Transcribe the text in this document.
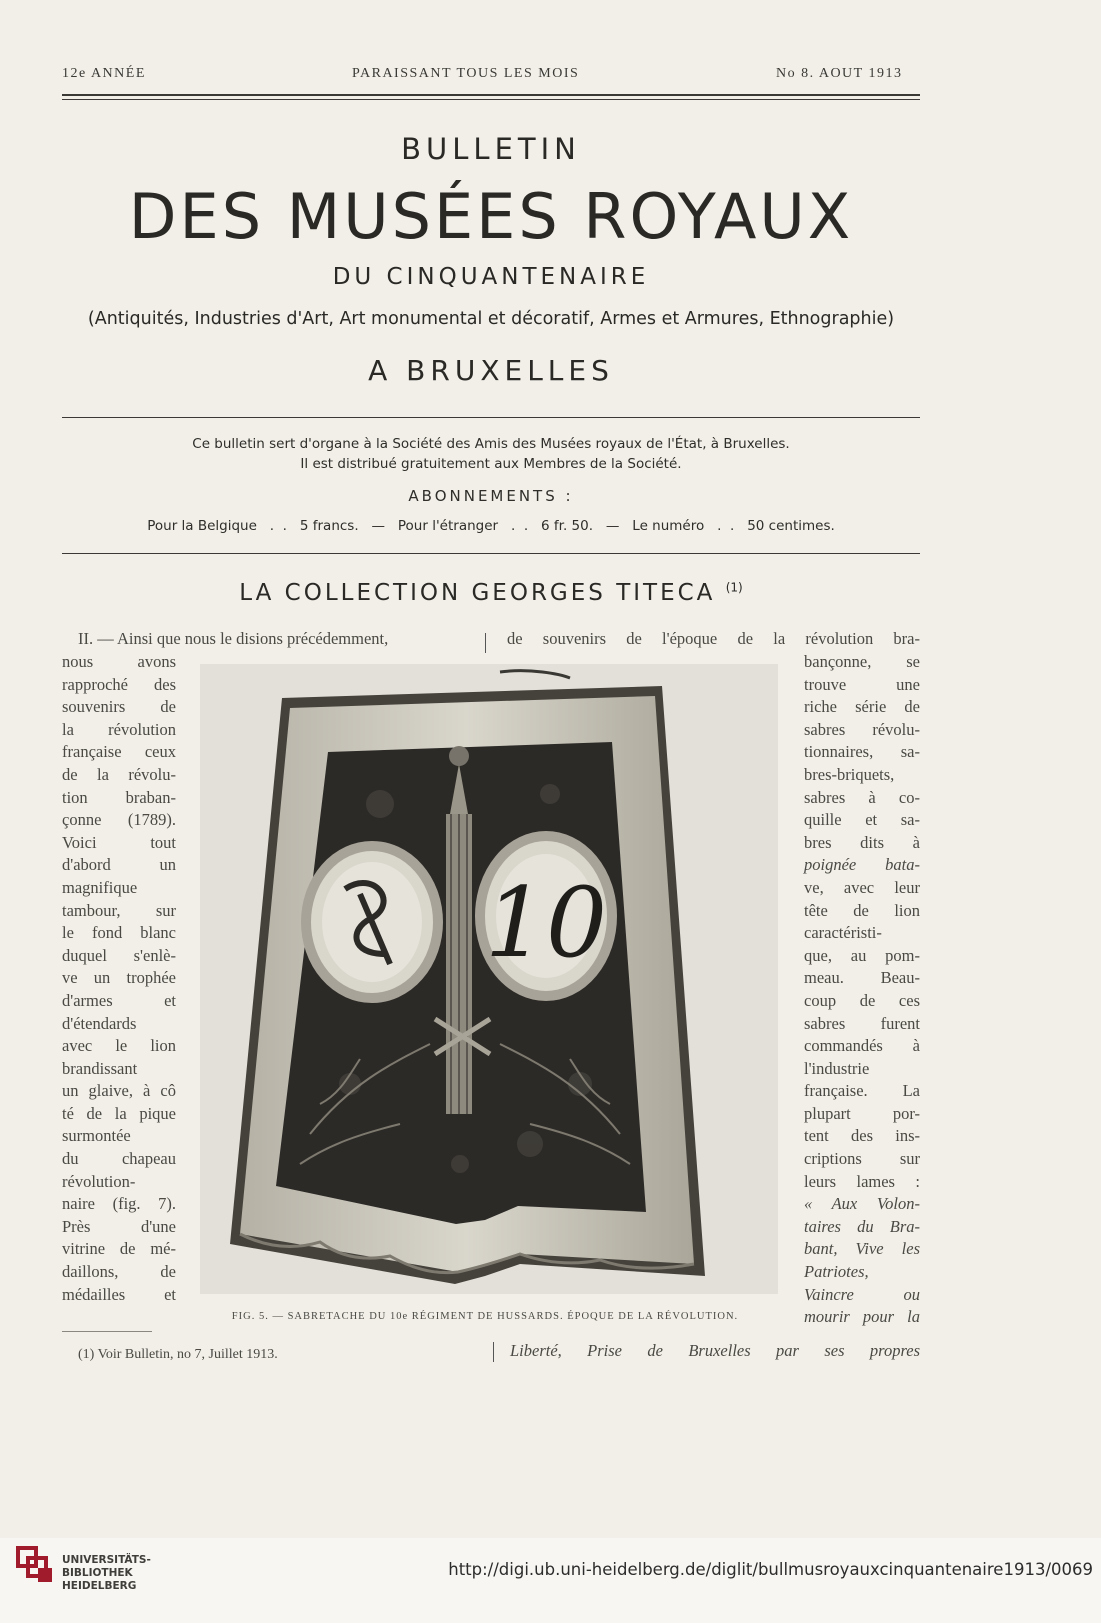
12e ANNÉE	PARAISSANT TOUS LES MOIS	No 8. AOUT 1913
BULLETIN
DES MUSÉES ROYAUX
DU CINQUANTENAIRE
(Antiquités, Industries d'Art, Art monumental et décoratif, Armes et Armures, Ethnographie)
A BRUXELLES
Ce bulletin sert d'organe à la Société des Amis des Musées royaux de l'État, à Bruxelles.
Il est distribué gratuitement aux Membres de la Société.
ABONNEMENTS :
Pour la Belgique   .  .   5 francs.   —   Pour l'étranger   .  .   6 fr. 50.   —   Le numéro   .  .   50 centimes.
LA COLLECTION GEORGES TITECA $^{(1)}$
II. — Ainsi que nous le disions précédemment,	de souvenirs de l'époque de la révolution bra-
nous avons
rapproché des
souvenirs de
la révolution
française ceux
de la révolu-
tion braban-
çonne (1789).
Voici tout
d'abord un
magnifique
tambour, sur
le fond blanc
duquel s'enlè-
ve un trophée
d'armes et
d'étendards
avec le lion
brandissant
un glaive, à cô
té de la pique
surmontée
du chapeau
révolution-
naire (fig. 7).
Près d'une
vitrine de mé-
daillons, de
médailles et
bançonne, se
trouve une
riche série de
sabres révolu-
tionnaires, sa-
bres-briquets,
sabres à co-
quille et sa-
bres dits à
poignée bata-
ve, avec leur
tête de lion
caractéristi-
que, au pom-
meau. Beau-
coup de ces
sabres furent
commandés à
l'industrie
française. La
plupart por-
tent des ins-
criptions sur
leurs lames :
« Aux Volon-
taires du Bra-
bant, Vive les
Patriotes,
Vaincre ou
mourir pour la
10
FIG. 5. — SABRETACHE DU 10e RÉGIMENT DE HUSSARDS. ÉPOQUE DE LA RÉVOLUTION.
(1) Voir Bulletin, no 7, Juillet 1913.	Liberté, Prise de Bruxelles par ses propres
UNIVERSITÄTS-
BIBLIOTHEK
HEIDELBERG
http://digi.ub.uni-heidelberg.de/diglit/bullmusroyauxcinquantenaire1913/0069
